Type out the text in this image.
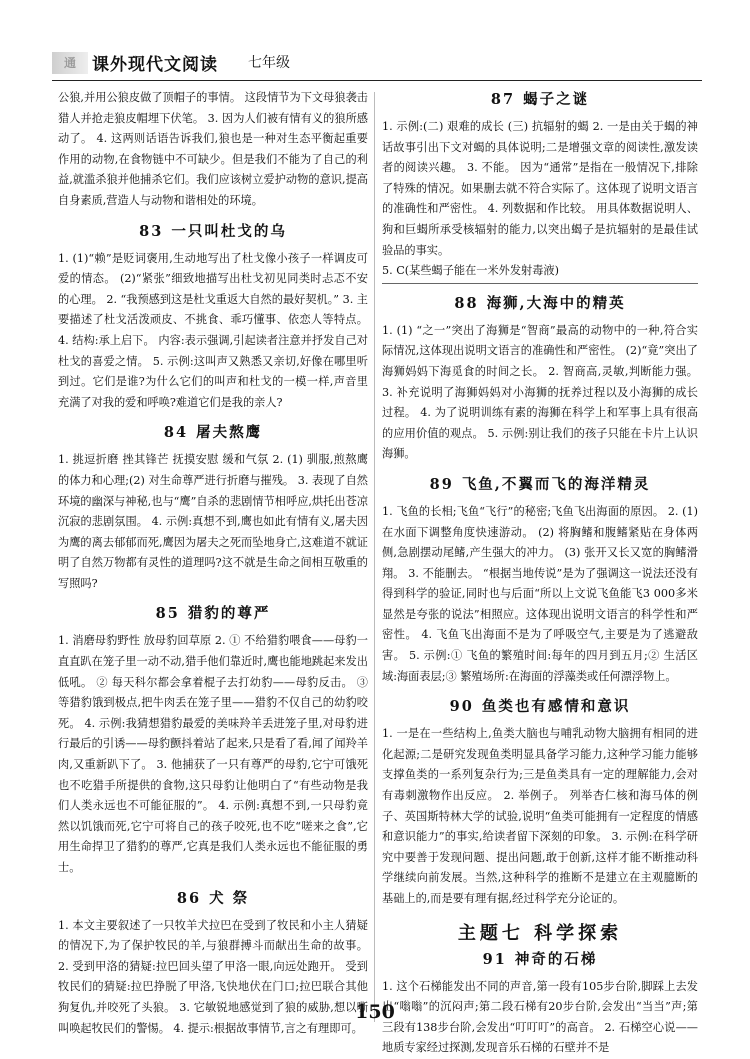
通 课外现代文阅读 七年级

公狼,并用公狼皮做了顶帽子的事情。 这段情节为下文母狼袭击猎人并抢走狼皮帽埋下伏笔。 3. 因为人们被有情有义的狼所感动了。 4. 这两则话语告诉我们,狼也是一种对生态平衡起重要作用的动物,在食物链中不可缺少。但是我们不能为了自己的利益,就滥杀狼并他捕杀它们。我们应该树立爱护动物的意识,提高自身素质,营造人与动物和谐相处的环境。

83 一只叫杜戈的乌

1. (1)“赖”是贬词褒用,生动地写出了杜戈像小孩子一样调皮可爱的情态。 (2)“紧张”细致地描写出杜戈初见同类时忐忑不安的心理。 2. “我预感到这是杜戈重返大自然的最好契机。” 3. 主要描述了杜戈活泼顽皮、不挑食、乖巧懂事、依恋人等特点。 4. 结构:承上启下。 内容:表示强调,引起读者注意并抒发自己对杜戈的喜爱之情。 5. 示例:这叫声又熟悉又亲切,好像在哪里听到过。它们是谁?为什么它们的叫声和杜戈的一模一样,声音里充满了对我的爱和呼唤?难道它们是我的亲人?

84 屠夫熬鹰

1. 挑逗折磨 挫其锋芒 抚摸安慰 缓和气氛 2. (1) 驯服,煎熬鹰的体力和心理;(2) 对生命尊严进行折磨与摧残。 3. 表现了自然环境的幽深与神秘,也与“鹰”自杀的悲剧情节相呼应,烘托出苍凉沉寂的悲剧氛围。 4. 示例:真想不到,鹰也如此有情有义,屠夫因为鹰的离去郁郁而死,鹰因为屠夫之死而坠地身亡,这难道不就证明了自然万物都有灵性的道理吗?这不就是生命之间相互敬重的写照吗?

85 猎豹的尊严

1. 消磨母豹野性 放母豹回草原 2. ① 不给猎豹喂食——母豹一直直趴在笼子里一动不动,猎手他们靠近时,鹰也能地跳起来发出低吼。 ② 每天科尔都会拿着棍子去打幼豹——母豹反击。 ③ 等猎豹饿到极点,把牛肉丢在笼子里——猎豹不仅自己的幼豹咬死。 4. 示例:我猜想猎豹最爱的美味羚羊丢进笼子里,对母豹进行最后的引诱——母豹颤抖着站了起来,只是看了看,闻了闻羚羊肉,又重新趴下了。 3. 他捕获了一只有尊严的母豹,它宁可饿死也不吃猎手所提供的食物,这只母豹让他明白了“有些动物是我们人类永远也不可能征服的”。 4. 示例:真想不到,一只母豹竟然以饥饿而死,它宁可将自己的孩子咬死,也不吃“嗟来之食”,它用生命捍卫了猎豹的尊严,它真是我们人类永远也不能征服的勇士。

86 犬 祭

1. 本文主要叙述了一只牧羊犬拉巴在受到了牧民和小主人猜疑的情况下,为了保护牧民的羊,与狼群搏斗而献出生命的故事。 2. 受到甲洛的猜疑:拉巴回头望了甲洛一眼,向远处跑开。 受到牧民们的猜疑:拉巴挣脱了甲洛,飞快地伏在门口;拉巴联合其他狗复仇,并咬死了头狼。 3. 它敏锐地感觉到了狼的威胁,想以嘶叫唤起牧民们的警惕。 4. 提示:根据故事情节,言之有理即可。

87 蝎子之谜

1. 示例:(二) 艰难的成长 (三) 抗辐射的蝎 2. 一是由关于蝎的神话故事引出下文对蝎的具体说明;二是增强文章的阅读性,激发读者的阅读兴趣。 3. 不能。 因为“通常”是指在一般情况下,排除了特殊的情况。如果删去就不符合实际了。这体现了说明文语言的准确性和严密性。 4. 列数据和作比较。 用具体数据说明人、狗和巨蝎所承受核辐射的能力,以突出蝎子是抗辐射的是最佳试验品的事实。

5. C(某些蝎子能在一米外发射毒液)

88 海狮,大海中的精英

1. (1) “之一”突出了海狮是“智商”最高的动物中的一种,符合实际情况,这体现出说明文语言的准确性和严密性。 (2)“竟”突出了海狮妈妈下海觅食的时间之长。 2. 智商高,灵敏,判断能力强。 3. 补充说明了海狮妈妈对小海狮的抚养过程以及小海狮的成长过程。 4. 为了说明训练有素的海狮在科学上和军事上具有很高的应用价值的观点。 5. 示例:别让我们的孩子只能在卡片上认识海狮。

89 飞鱼,不翼而飞的海洋精灵

1. 飞鱼的长相;飞鱼“飞行”的秘密;飞鱼飞出海面的原因。 2. (1) 在水面下调整角度快速游动。 (2) 将胸鳍和腹鳍紧贴在身体两侧,急剧摆动尾鳍,产生强大的冲力。 (3) 张开又长又宽的胸鳍滑翔。 3. 不能删去。 “根据当地传说”是为了强调这一说法还没有得到科学的验证,同时也与后面“所以上文说飞鱼能飞3 000多米显然是夸张的说法”相照应。这体现出说明文语言的科学性和严密性。 4. 飞鱼飞出海面不是为了呼吸空气,主要是为了逃避敌害。 5. 示例:① 飞鱼的繁殖时间:每年的四月到五月;② 生活区域:海面表层;③ 繁殖场所:在海面的浮藻类或任何漂浮物上。

90 鱼类也有感情和意识

1. 一是在一些结构上,鱼类大脑也与哺乳动物大脑拥有相同的进化起源;二是研究发现鱼类明显具备学习能力,这种学习能力能够支撑鱼类的一系列复杂行为;三是鱼类具有一定的理解能力,会对有毒刺激物作出反应。 2. 举例子。 列举杏仁核和海马体的例子、英国斯特林大学的试验,说明“鱼类可能拥有一定程度的情感和意识能力”的事实,给读者留下深刻的印象。 3. 示例:在科学研究中要善于发现问题、提出问题,敢于创新,这样才能不断推动科学继续向前发展。当然,这种科学的推断不是建立在主观臆断的基础上的,而是要有理有据,经过科学充分论证的。

主题七 科学探索
91 神奇的石梯

1. 这个石梯能发出不同的声音,第一段有105步台阶,脚踩上去发出“嗡嗡”的沉闷声;第二段石梯有20步台阶,会发出“当当”声;第三段有138步台阶,会发出“叮叮叮”的高音。 2. 石梯空心说——地质专家经过探测,发现音乐石梯的石壁并不是

150
